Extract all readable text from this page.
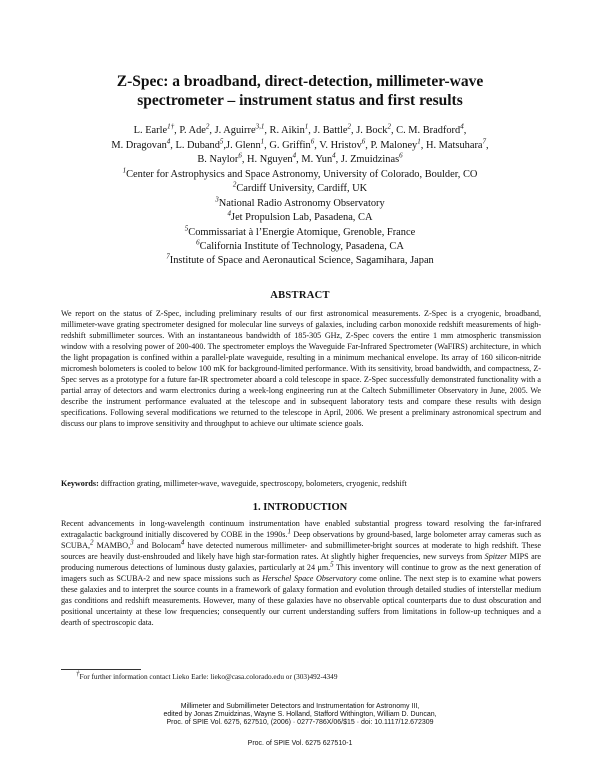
Z-Spec: a broadband, direct-detection, millimeter-wave
spectrometer – instrument status and first results
L. Earle$^{1\dagger}$, P. Ade$^2$, J. Aguirre$^{3,1}$, R. Aikin$^1$, J. Battle$^2$, J. Bock$^2$, C. M. Bradford$^4$,
M. Dragovan$^4$, L. Duband$^5$,J. Glenn$^1$, G. Griffin$^6$, V. Hristov$^6$, P. Maloney$^1$, H. Matsuhara$^7$,
B. Naylor$^6$, H. Nguyen$^4$, M. Yun$^4$, J. Zmuidzinas$^6$
$^1$Center for Astrophysics and Space Astronomy, University of Colorado, Boulder, CO
$^2$Cardiff University, Cardiff, UK
$^3$National Radio Astronomy Observatory
$^4$Jet Propulsion Lab, Pasadena, CA
$^5$Commissariat à l’Energie Atomique, Grenoble, France
$^6$California Institute of Technology, Pasadena, CA
$^7$Institute of Space and Aeronautical Science, Sagamihara, Japan
ABSTRACT
We report on the status of Z-Spec, including preliminary results of our first astronomical measurements. Z-Spec is a cryogenic, broadband, millimeter-wave grating spectrometer designed for molecular line surveys of galaxies, including carbon monoxide redshift measurements of high-redshift submillimeter sources. With an instantaneous bandwidth of 185-305 GHz, Z-Spec covers the entire 1 mm atmospheric transmission window with a resolving power of 200-400. The spectrometer employs the Waveguide Far-Infrared Spectrometer (WaFIRS) architecture, in which the light propagation is confined within a parallel-plate waveguide, resulting in a minimum mechanical envelope. Its array of 160 silicon-nitride micromesh bolometers is cooled to below 100 mK for background-limited performance. With its sensitivity, broad bandwidth, and compactness, Z-Spec serves as a prototype for a future far-IR spectrometer aboard a cold telescope in space. Z-Spec successfully demonstrated functionality with a partial array of detectors and warm electronics during a week-long engineering run at the Caltech Submillimeter Observatory in June, 2005. We describe the instrument performance evaluated at the telescope and in subsequent laboratory tests and compare these results with design specifications. Following several modifications we returned to the telescope in April, 2006. We present a preliminary astronomical spectrum and discuss our plans to improve sensitivity and throughput to achieve our ultimate science goals.
Keywords: diffraction grating, millimeter-wave, waveguide, spectroscopy, bolometers, cryogenic, redshift
1. INTRODUCTION
Recent advancements in long-wavelength continuum instrumentation have enabled substantial progress toward resolving the far-infrared extragalactic background initially discovered by COBE in the 1990s.$^1$ Deep observations by ground-based, large bolometer array cameras such as SCUBA,$^2$ MAMBO,$^3$ and Bolocam$^4$ have detected numerous millimeter- and submillimeter-bright sources at moderate to high redshift. These sources are heavily dust-enshrouded and likely have high star-formation rates. At slightly higher frequencies, new surveys from Spitzer MIPS are producing numerous detections of luminous dusty galaxies, particularly at 24 μm.$^5$ This inventory will continue to grow as the next generation of imagers such as SCUBA-2 and new space missions such as Herschel Space Observatory come online. The next step is to examine what powers these galaxies and to interpret the source counts in a framework of galaxy formation and evolution through detailed studies of interstellar medium gas conditions and redshift measurements. However, many of these galaxies have no observable optical counterparts due to dust obscuration and positional uncertainty at these low frequencies; consequently our current understanding suffers from limitations in follow-up techniques and a dearth of spectroscopic data.
†For further information contact Lieko Earle: lieko@casa.colorado.edu or (303)492-4349
Millimeter and Submillimeter Detectors and Instrumentation for Astronomy III,
edited by Jonas Zmuidzinas, Wayne S. Holland, Stafford Withington, William D. Duncan,
Proc. of SPIE Vol. 6275, 627510, (2006) · 0277-786X/06/$15 · doi: 10.1117/12.672309
Proc. of SPIE Vol. 6275 627510-1
